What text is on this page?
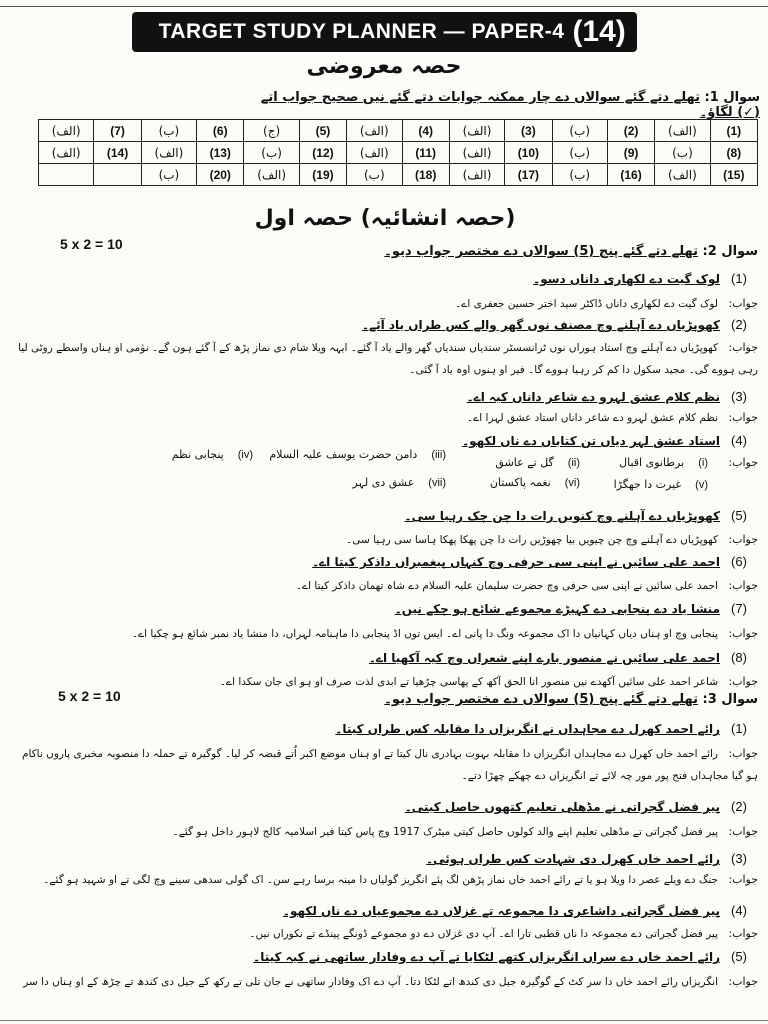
TARGET STUDY PLANNER — PAPER-4 (14)
حصہ معروضی
سوال 1: تھلے دتے گئے سوالاں دے چار ممکنہ جوابات دتے گئے نیں صحیح جواب اتے (✓) لگاؤ۔
(الف)	(7)	(ب)	(6)	(ج)	(5)	(الف)	(4)	(الف)	(3)	(ب)	(2)	(الف)	(1)
(الف)	(14)	(الف)	(13)	(ب)	(12)	(الف)	(11)	(الف)	(10)	(ب)	(9)	(ب)	(8)
		(ب)	(20)	(الف)	(19)	(ب)	(18)	(الف)	(17)	(ب)	(16)	(الف)	(15)
(حصہ انشائیہ) حصہ اول
5 x 2 = 10	سوال 2: تھلے دتے گئے پنج (5) سوالاں دے مختصر جواب دیو۔
(1)لوک گیت دے لکھاری داناں دسو۔
جواب:لوک گیت دے لکھاری داناں ڈاکٹر سید اختر حسین جعفری اے۔
(2)کھوپڑیاں دے آہلنے وچ مصنف نوں گھر والے کس طراں یاد آئے۔
جواب:کھوپڑیاں دے آہلنے وچ استاد ہوراں نوں ٹرانسسٹر سندیاں سندیاں گھر والے یاد آ گئے۔ ایہہ ویلا شام دی نماز پڑھ کے آ گئے ہون گے۔ نوٰمی او ہناں واسطے روٹی لیا رہی ہووے گی۔ مجید سکول دا کم کر رہیا ہووے گا۔ فیر او ہنوں اوہ یاد آ گئی۔
(3)نظم کلام عشق لہرو دے شاعر داناں کیہ اے۔
جواب:نظم کلام عشق لہرو دے شاعر داناں استاد عشق لہرا اے۔
(4)استاد عشق لہر دیاں تن کتاباں دے ناں لکھو۔
(5)کھوپڑیاں دے آہلنے وچ کنویں رات دا چن چک رہیا سی۔
جواب:کھوپڑیاں دے آہلنے وچ چن چیویں بیا چھوڑیں رات دا چن پھکا پھکا ہاسا سی رہیا سی۔
(6)احمد علی سائیں نے اپنی سی حرفی وچ کنہاں پیغمبراں داذکر کیتا اے۔
جواب:احمد علی سائیں نے اپنی سی حرفی وچ حضرت سلیمان علیہ السلام دے شاہ تھمان داذکر کیتا اے۔
(7)منشا یاد دے پنجابی دے کہیڑے مجموعے شائع ہو چکے نیں۔
جواب:پنجابی وچ او ہناں دیاں کہانیاں دا اک مجموعہ ونگ دا پانی اے۔ ایس توں اڈ پنجابی دا ماہنامہ لہراں، دا منشا یاد نمبر شائع ہو چکیا اے۔
(8)احمد علی سائیں نے منصور بارے اپنے شعراں وچ کیہ آکھیا اے۔
جواب:شاعر احمد علی سائیں آکھدے نیں منصور انا الحق آکھ کے پھاسی چڑھیا تے ابدی لذت صرف او ہو ای جان سکدا اے۔
جواب:
(i)برطانوی اقبال
(ii)گل تے عاشق
(iii)دامن حضرت یوسف علیہ السلام
(iv)پنجابی نظم
(v)غیرت دا جھگڑا
(vi)نغمہ پاکستان
(vii)عشق دی لہر
5 x 2 = 10	سوال 3: تھلے دتے گئے پنج (5) سوالاں دے مختصر جواب دیو۔
(1)رائے احمد کھرل دے مجاہداں نے انگریزاں دا مقابلہ کس طراں کیتا۔
جواب:رائے احمد خاں کھرل دے مجاہداں انگریزاں دا مقابلہ بہوت بہادری نال کیتا تے او ہناں موضع اکبر اُتے قبضہ کر لیا۔ گوگیرہ تے حملہ دا منصوبہ مخبری پاروں ناکام ہو گیا مجاہداں فتح پور مور چہ لائے تے انگریزاں دے چھکے چھڑا دتے۔
(2)پیر فضل گجراتی نے مڈھلی تعلیم کتھوں حاصل کیتی۔
جواب:پیر فضل گجراتی تے مڈھلی تعلیم اپنے والد کولوں حاصل کیتی میٹرک 1917 وچ پاس کیتا فیر اسلامیہ کالج لاہور داخل ہو گئے۔
(3)رائے احمد خاں کھرل دی شہادت کس طراں ہوئی۔
جواب:جنگ دے ویلے عصر دا ویلا ہو یا تے رائے احمد خاں نماز پڑھن لگ پئے انگریز گولیاں دا مینہ برسا رہے سن۔ اک گولی سدھی سینے وچ لگی تے او شہید ہو گئے۔
(4)پیر فضل گجراتی داشاعری دا مجموعہ تے غزلاں دے مجموعیاں دے ناں لکھو۔
جواب:پیر فضل گجراتی دے مجموعہ دا ناں قطبی تارا اے۔ آپ دی غزلاں دے دو مجموعے ڈونگے پینڈے تے نکوراں نیں۔
(5)رائے احمد خاں دے سراں انگریزاں کتھے لٹکایا تے آپ دے وفادار ساتھی نے کیہ کیتا۔
جواب:انگریزاں رائے احمد خاں دا سر کٹ کے گوگیرہ جیل دی کندھ اتے لٹکا دتا۔ آپ دے اک وفادار ساتھی نے جان تلی تے رکھ کے جیل دی کندھ تے چڑھ کے او ہناں دا سر
